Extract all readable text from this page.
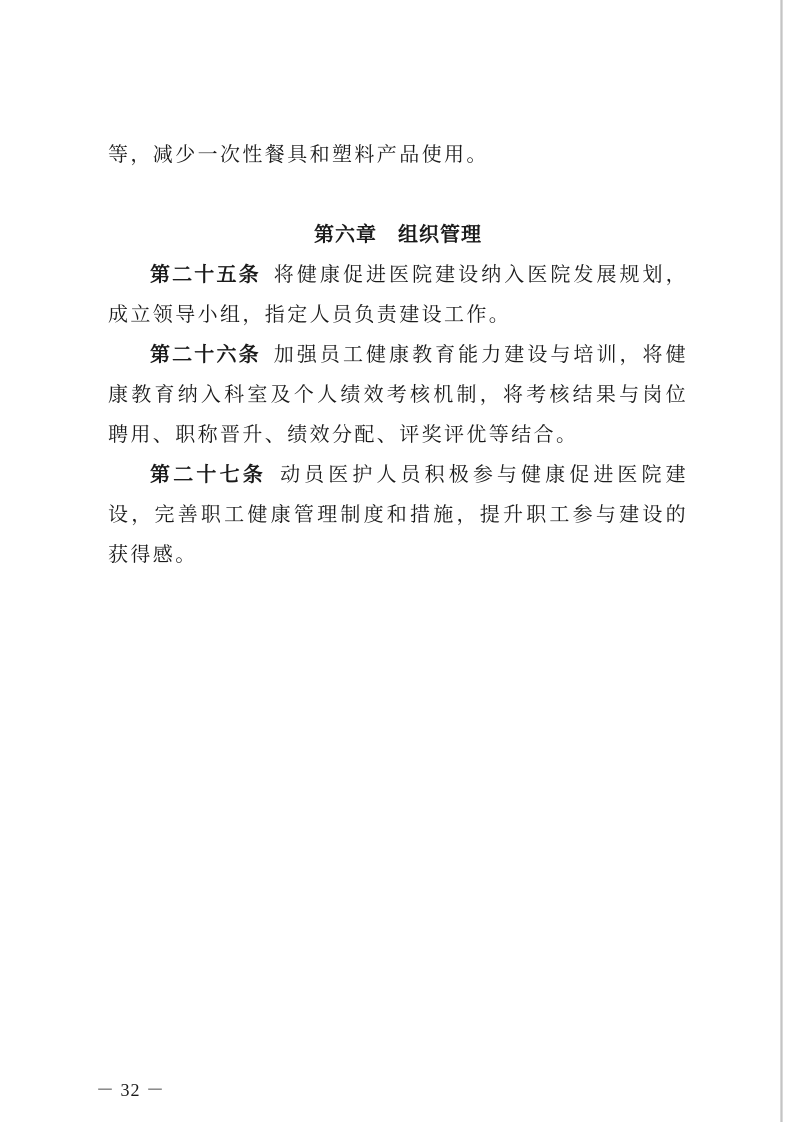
等，减少一次性餐具和塑料产品使用。

第六章　组织管理

第二十五条  将健康促进医院建设纳入医院发展规划，成立领导小组，指定人员负责建设工作。

第二十六条  加强员工健康教育能力建设与培训，将健康教育纳入科室及个人绩效考核机制，将考核结果与岗位聘用、职称晋升、绩效分配、评奖评优等结合。

第二十七条  动员医护人员积极参与健康促进医院建设，完善职工健康管理制度和措施，提升职工参与建设的获得感。

－ 32 －
